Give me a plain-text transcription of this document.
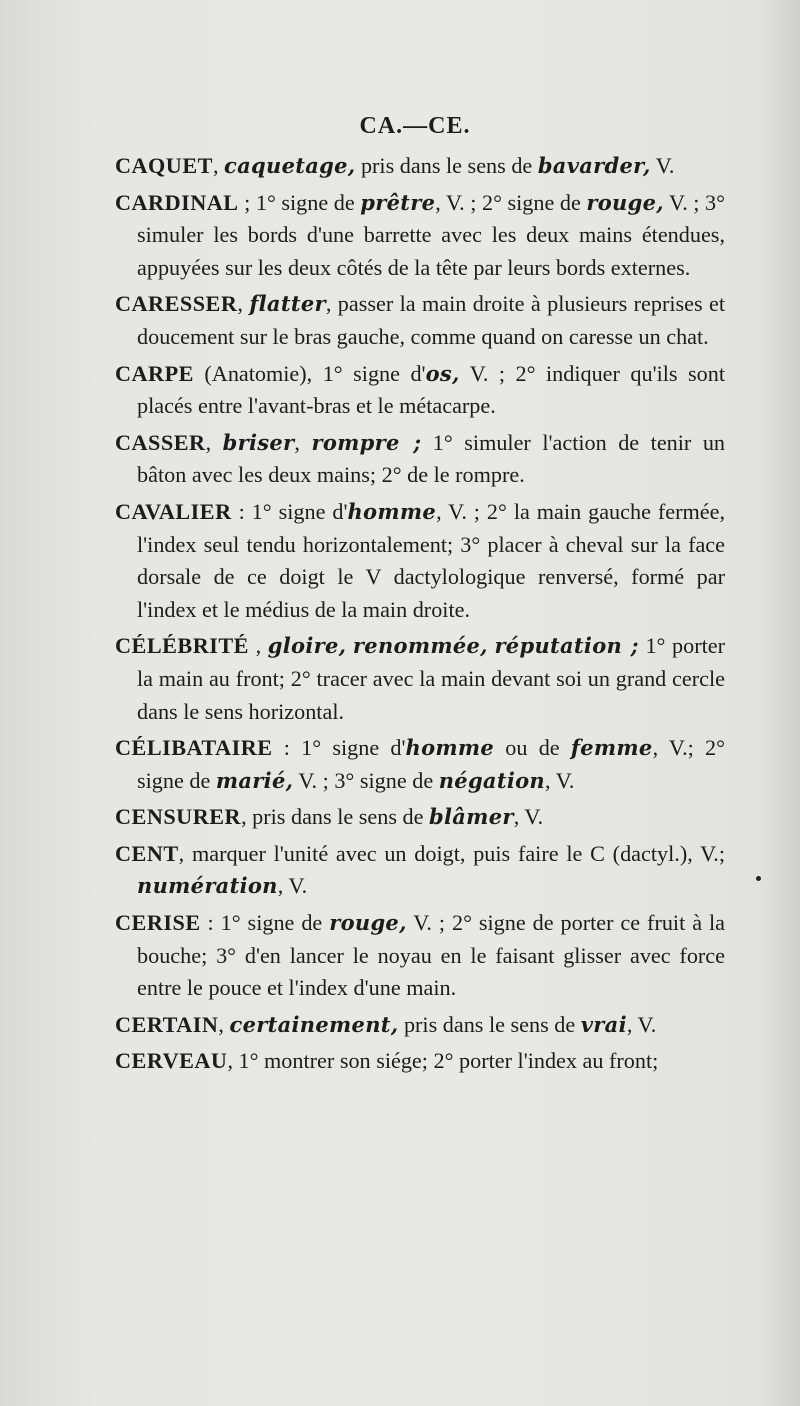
CA.—CE.

CAQUET, caquetage, pris dans le sens de bavarder, V.

CARDINAL ; 1° signe de prêtre, V. ; 2° signe de rouge, V. ; 3° simuler les bords d'une barrette avec les deux mains étendues, appuyées sur les deux côtés de la tête par leurs bords externes.

CARESSER, flatter, passer la main droite à plusieurs reprises et doucement sur le bras gauche, comme quand on caresse un chat.

CARPE (Anatomie), 1° signe d'os, V. ; 2° indiquer qu'ils sont placés entre l'avant-bras et le métacarpe.

CASSER, briser, rompre ; 1° simuler l'action de tenir un bâton avec les deux mains; 2° de le rompre.

CAVALIER : 1° signe d'homme, V. ; 2° la main gauche fermée, l'index seul tendu horizontalement; 3° placer à cheval sur la face dorsale de ce doigt le V dactylologique renversé, formé par l'index et le médius de la main droite.

CÉLÉBRITÉ , gloire, renommée, réputation ; 1° porter la main au front; 2° tracer avec la main devant soi un grand cercle dans le sens horizontal.

CÉLIBATAIRE : 1° signe d'homme ou de femme, V.; 2° signe de marié, V. ; 3° signe de négation, V.

CENSURER, pris dans le sens de blâmer, V.

CENT, marquer l'unité avec un doigt, puis faire le C (dactyl.), V.; numération, V.

CERISE : 1° signe de rouge, V. ; 2° signe de porter ce fruit à la bouche; 3° d'en lancer le noyau en le faisant glisser avec force entre le pouce et l'index d'une main.

CERTAIN, certainement, pris dans le sens de vrai, V.

CERVEAU, 1° montrer son siége; 2° porter l'index au front;
